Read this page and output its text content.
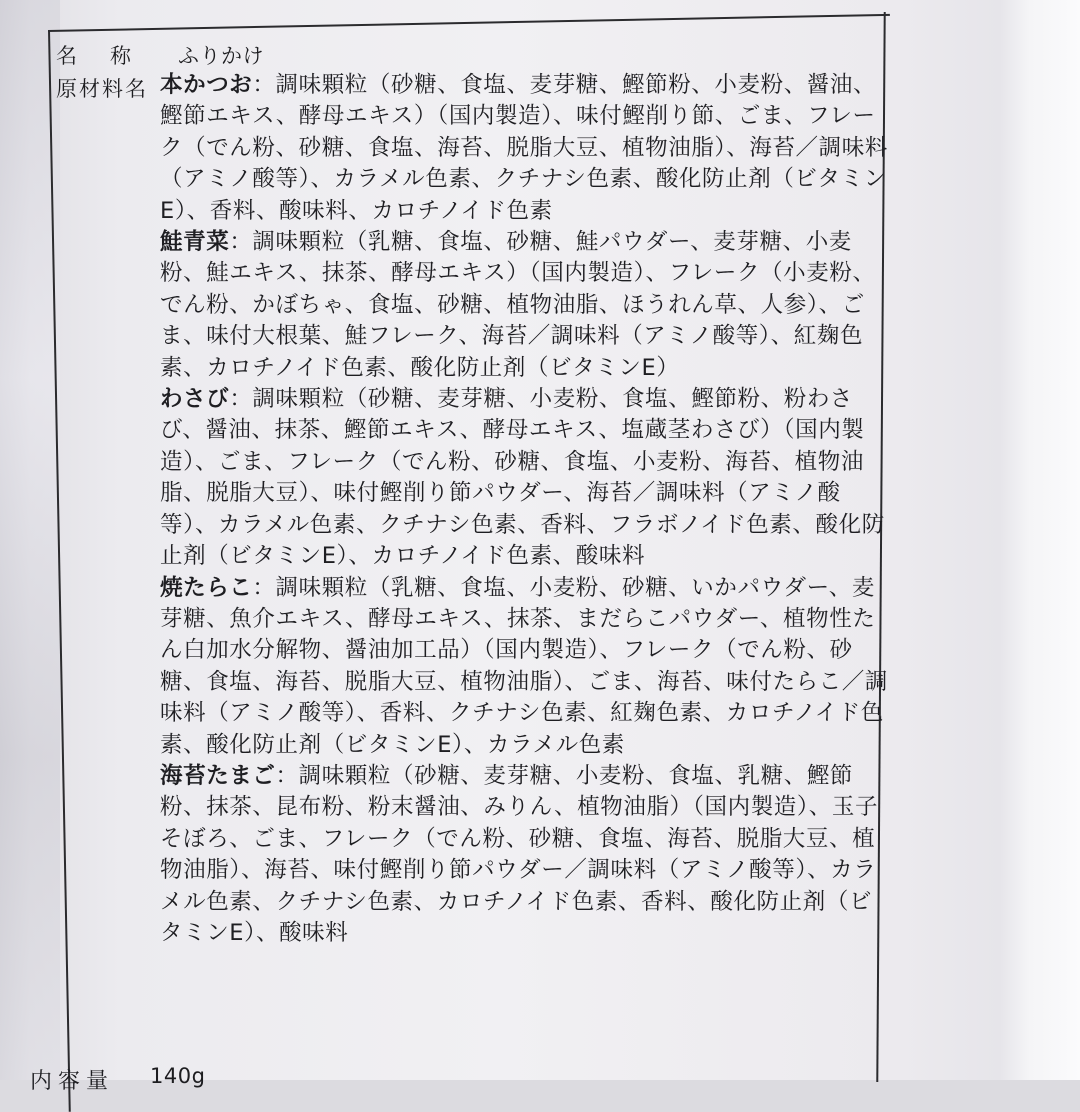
名　称 ふりかけ
原材料名 本かつお：調味顆粒（砂糖、食塩、麦芽糖、鰹節粉、小麦粉、醤油、鰹節エキス、酵母エキス）（国内製造）、味付鰹削り節、ごま、フレーク（でん粉、砂糖、食塩、海苔、脱脂大豆、植物油脂）、海苔／調味料（アミノ酸等）、カラメル色素、クチナシ色素、酸化防止剤（ビタミンE）、香料、酸味料、カロチノイド色素

鮭青菜：調味顆粒（乳糖、食塩、砂糖、鮭パウダー、麦芽糖、小麦粉、鮭エキス、抹茶、酵母エキス）（国内製造）、フレーク（小麦粉、でん粉、かぼちゃ、食塩、砂糖、植物油脂、ほうれん草、人参）、ごま、味付大根葉、鮭フレーク、海苔／調味料（アミノ酸等）、紅麹色素、カロチノイド色素、酸化防止剤（ビタミンE）

わさび：調味顆粒（砂糖、麦芽糖、小麦粉、食塩、鰹節粉、粉わさび、醤油、抹茶、鰹節エキス、酵母エキス、塩蔵茎わさび）（国内製造）、ごま、フレーク（でん粉、砂糖、食塩、小麦粉、海苔、植物油脂、脱脂大豆）、味付鰹削り節パウダー、海苔／調味料（アミノ酸等）、カラメル色素、クチナシ色素、香料、フラボノイド色素、酸化防止剤（ビタミンE）、カロチノイド色素、酸味料

焼たらこ：調味顆粒（乳糖、食塩、小麦粉、砂糖、いかパウダー、麦芽糖、魚介エキス、酵母エキス、抹茶、まだらこパウダー、植物性たん白加水分解物、醤油加工品）（国内製造）、フレーク（でん粉、砂糖、食塩、海苔、脱脂大豆、植物油脂）、ごま、海苔、味付たらこ／調味料（アミノ酸等）、香料、クチナシ色素、紅麹色素、カロチノイド色素、酸化防止剤（ビタミンE）、カラメル色素

海苔たまご：調味顆粒（砂糖、麦芽糖、小麦粉、食塩、乳糖、鰹節粉、抹茶、昆布粉、粉末醤油、みりん、植物油脂）（国内製造）、玉子そぼろ、ごま、フレーク（でん粉、砂糖、食塩、海苔、脱脂大豆、植物油脂）、海苔、味付鰹削り節パウダー／調味料（アミノ酸等）、カラメル色素、クチナシ色素、カロチノイド色素、香料、酸化防止剤（ビタミンE）、酸味料

内容量 140g
